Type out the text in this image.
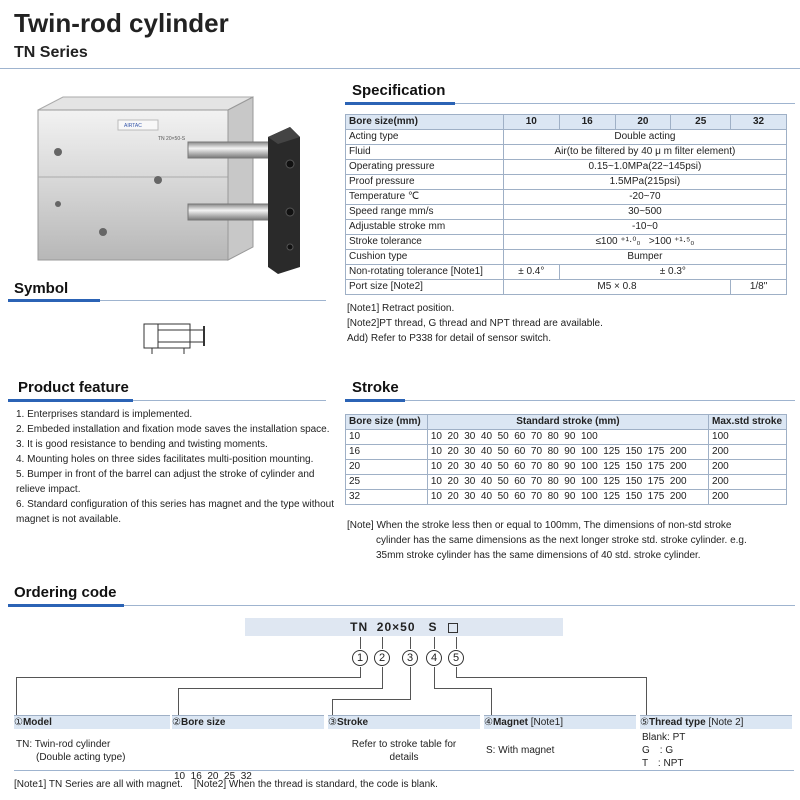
Twin-rod cylinder
TN Series
AIRTAC
TN 20×50-S
Specification
Bore size(mm)	10	16	20	25	32
Acting type	Double acting				
Fluid	Air(to be filtered by 40 μ m filter element)				
Operating pressure	0.15~1.0MPa(22~145psi)				
Proof pressure	1.5MPa(215psi)				
Temperature ℃	-20~70				
Speed range mm/s	30~500				
Adjustable stroke mm	-10~0				
Stroke tolerance	≤100 ⁺¹·⁰₀ >100 ⁺¹·⁵₀				
Cushion type	Bumper				
Non-rotating tolerance [Note1]	± 0.4°	± 0.3°			
Port size [Note2]	M5 × 0.8				1/8"
[Note1] Retract position.
[Note2]PT thread, G thread and NPT thread are available.
Add) Refer to P338 for detail of sensor switch.
Symbol
Product feature
1. Enterprises standard is implemented.
2. Embeded installation and fixation mode saves the installation space.
3. It is good resistance to bending and twisting moments.
4. Mounting holes on three sides facilitates multi-position mounting.
5. Bumper in front of the barrel can adjust the stroke of cylinder and relieve impact.
6. Standard configuration of this series has magnet and the type without magnet is not available.
Stroke
Bore size (mm)	Standard stroke (mm)	Max.std stroke
10	10  20  30  40  50  60  70  80  90  100	100
16	10  20  30  40  50  60  70  80  90  100  125  150  175  200	200
20	10  20  30  40  50  60  70  80  90  100  125  150  175  200	200
25	10  20  30  40  50  60  70  80  90  100  125  150  175  200	200
32	10  20  30  40  50  60  70  80  90  100  125  150  175  200	200
[Note] When the stroke less then or equal to 100mm, The dimensions of non-std stroke
cylinder has the same dimensions as the next longer stroke std. stroke cylinder. e.g.
35mm stroke cylinder has the same dimensions of 40 std. stroke cylinder.
Ordering code
TN  20×50   S
1	2	3	4	5
①Model	②Bore size	③Stroke	④Magnet [Note1]	⑤Thread type [Note 2]
TN: Twin-rod cylinder
(Double acting type)

10  16  20  25  32

Refer to stroke table for
details
S: With magnet
Blank: PT
G　: G
T　: NPT
[Note1] TN Series are all with magnet.    [Note2] When the thread is standard, the code is blank.
